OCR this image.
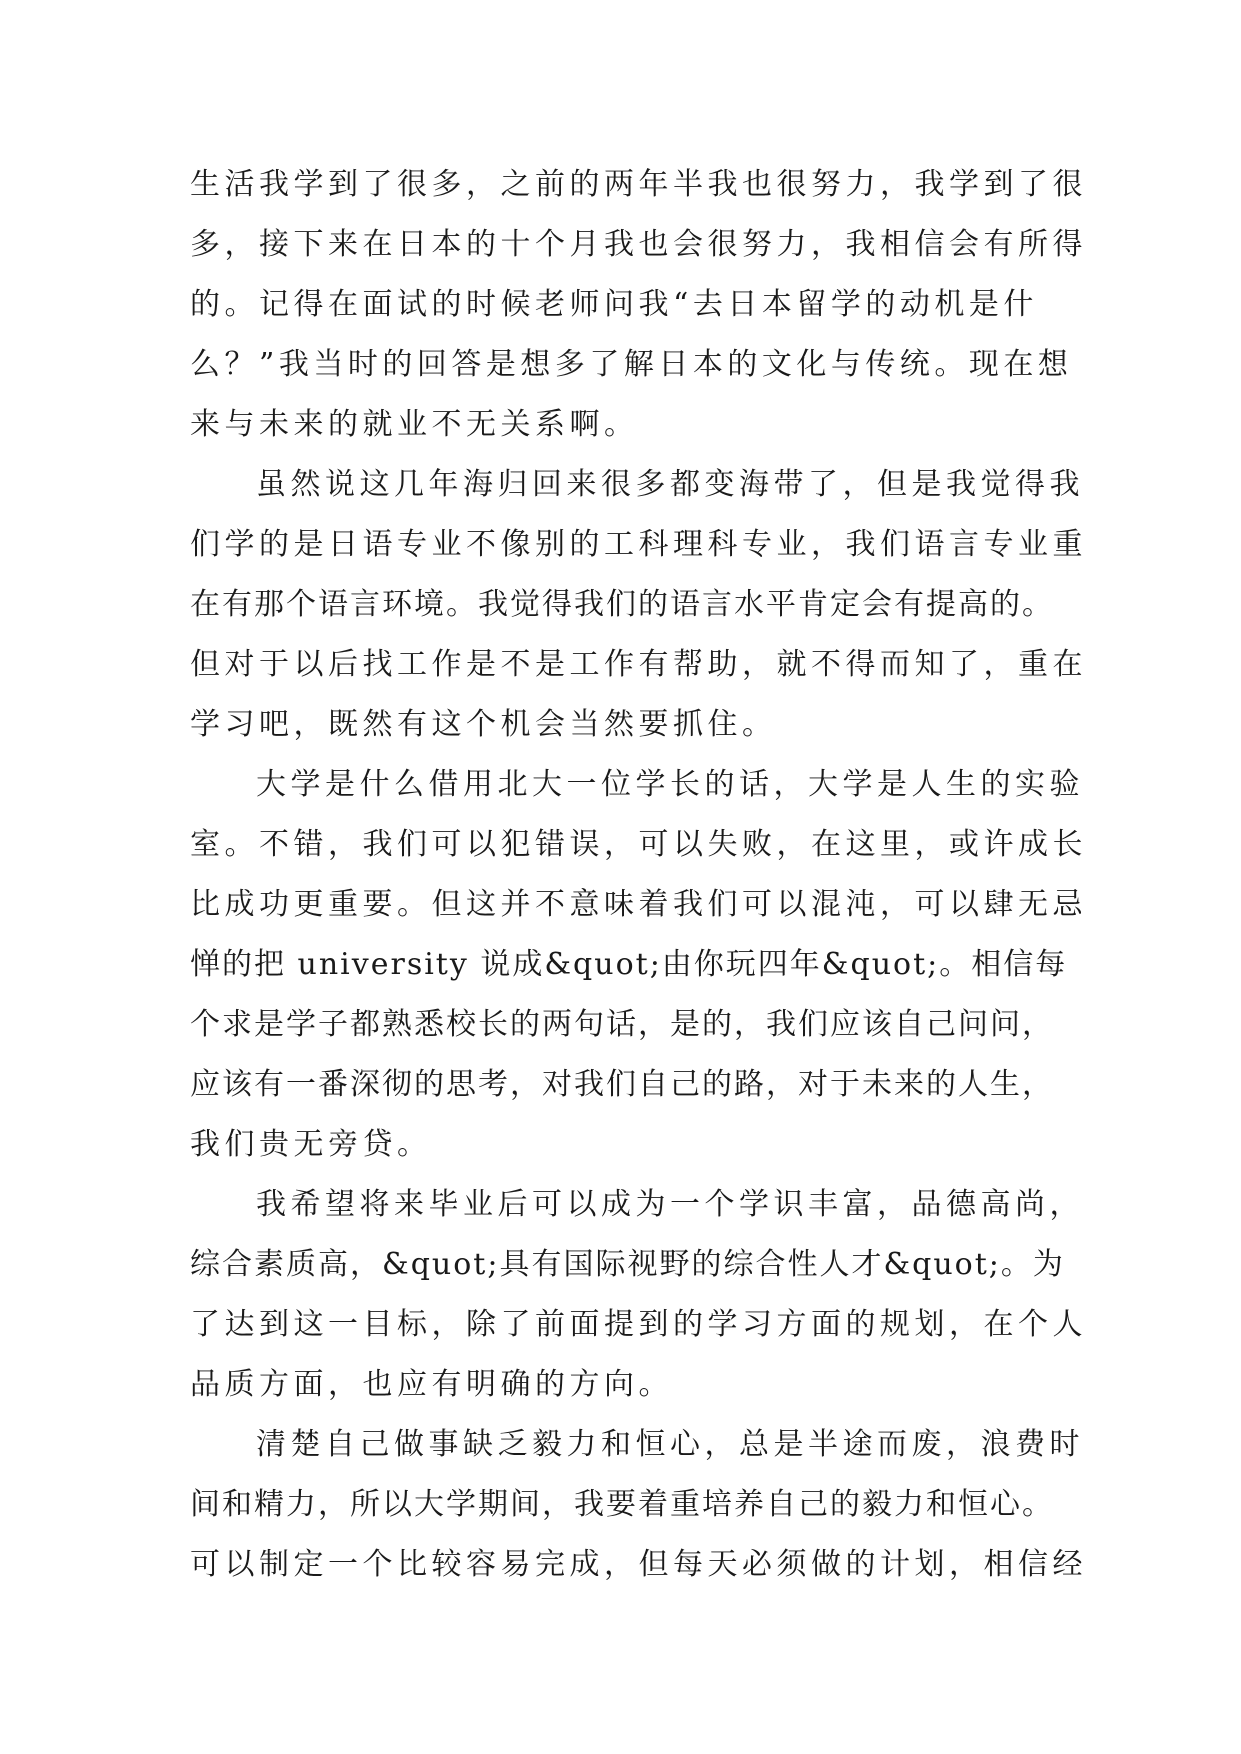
生活我学到了很多，之前的两年半我也很努力，我学到了很
多，接下来在日本的十个月我也会很努力，我相信会有所得
的。记得在面试的时候老师问我“去日本留学的动机是什
么？”我当时的回答是想多了解日本的文化与传统。现在想
来与未来的就业不无关系啊。
虽然说这几年海归回来很多都变海带了，但是我觉得我
们学的是日语专业不像别的工科理科专业，我们语言专业重
在有那个语言环境。我觉得我们的语言水平肯定会有提高的。
但对于以后找工作是不是工作有帮助，就不得而知了，重在
学习吧，既然有这个机会当然要抓住。
大学是什么借用北大一位学长的话，大学是人生的实验
室。不错，我们可以犯错误，可以失败，在这里，或许成长
比成功更重要。但这并不意味着我们可以混沌，可以肆无忌
惮的把 university 说成&quot;由你玩四年&quot;。相信每
个求是学子都熟悉校长的两句话，是的，我们应该自己问问，
应该有一番深彻的思考，对我们自己的路，对于未来的人生，
我们贵无旁贷。
我希望将来毕业后可以成为一个学识丰富，品德高尚，
综合素质高，&quot;具有国际视野的综合性人才&quot;。为
了达到这一目标，除了前面提到的学习方面的规划，在个人
品质方面，也应有明确的方向。
清楚自己做事缺乏毅力和恒心，总是半途而废，浪费时
间和精力，所以大学期间，我要着重培养自己的毅力和恒心。
可以制定一个比较容易完成，但每天必须做的计划，相信经
